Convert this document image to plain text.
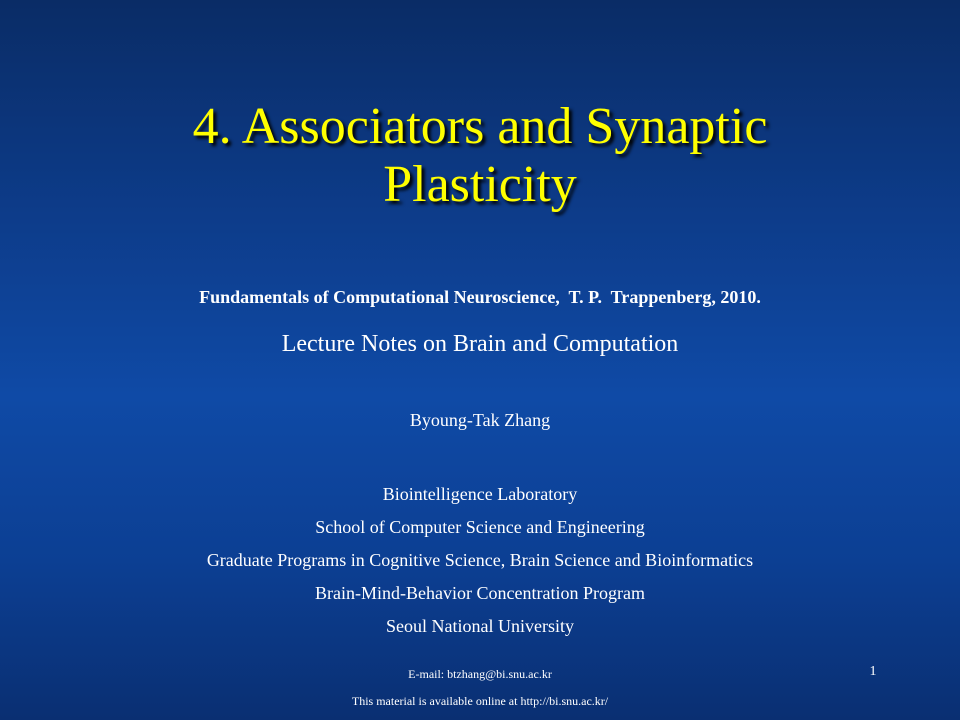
4. Associators and Synaptic
Plasticity
Fundamentals of Computational Neuroscience,  T. P.  Trappenberg, 2010.
Lecture Notes on Brain and Computation
Byoung-Tak Zhang
Biointelligence Laboratory
School of Computer Science and Engineering
Graduate Programs in Cognitive Science, Brain Science and Bioinformatics
Brain-Mind-Behavior Concentration Program
Seoul National University
E-mail: btzhang@bi.snu.ac.kr
This material is available online at http://bi.snu.ac.kr/
1
